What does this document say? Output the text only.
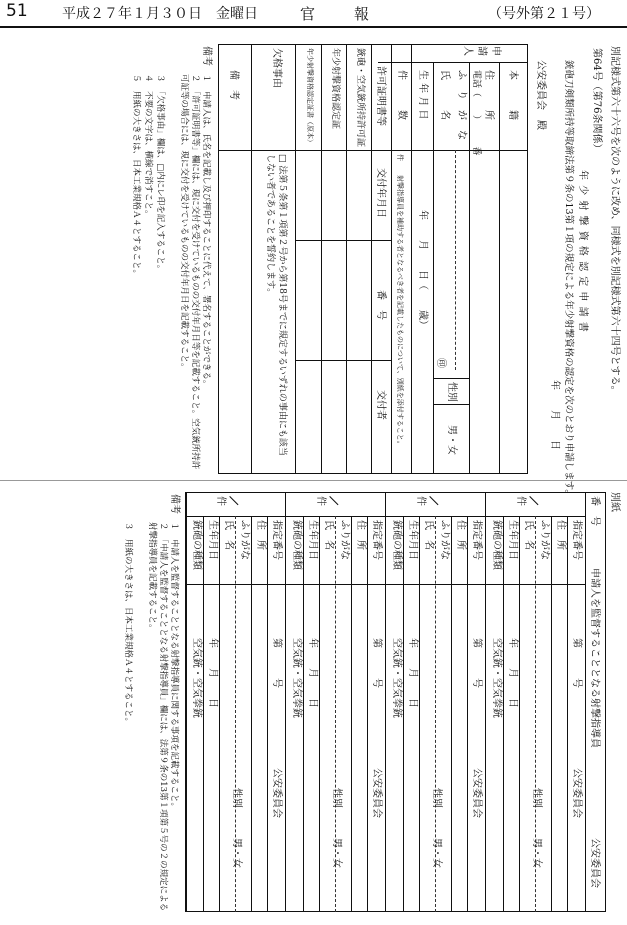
51 平成２７年１月３０日　金曜日	官　報	（号外第２１号）
別記様式第六十六号を次のように改め、同様式を別記様式第六十四号とする。
第64号（第76条関係）
年 少 射 撃 資 格 認 定 申 請 書
銃砲刀剣類所持等取締法第９条の13第１項の規定による年少射撃資格の認定を次のとおり申請します。
年　　月　　日
公安委員会　殿
申　請　人
本　　　籍
住　　　所
電話（　　）　　　番
ふ　り　が　な
氏　　　名
㊞
性別
男・女
生 年 月 日
年　　月　　日（　　歳）
件　　　数
件　　射撃指導員を補助する者となるべき者を記載したものについて、別紙を添付すること。
許可証明書等
交付年月日
番　号
交付者
銃砲・空気銃所持許可証
年少射撃資格認定証
年少射撃資格認定証書（原本）
欠格事由
□ 法第５条第１項第２号から第18号までに規定するいずれの事由にも該当しない者であることを誓約します。
備　考
備考
１　申請人は、氏名を記載し及び押印することに代えて、署名することができる。
２　「許可証明書等」欄には、現に交付を受けているものの交付年月日等を記載すること。空気銃所持許可証等の場合には、現に交付を受けているものの交付年月日を記載すること。
３　「欠格事由」欄は、□内にレ印を記入すること。
４　不要の文字は、横線で消すこと。
５　用紙の大きさは、日本工業規格Ａ４とすること。
別紙
番　号
申請人を監督することとなる射撃指導員
公安委員会
件
指定番号
第　　　号
住　所
ふりがな
氏　名
生年月日
年　　月　　日
銃砲の種類
空気銃・空気拳銃
性別
男・女
公安委員会
件
指定番号
第　　　号
住　所
ふりがな
氏　名
生年月日
年　　月　　日
銃砲の種類
空気銃・空気拳銃
性別
男・女
公安委員会
件
指定番号
第　　　号
住　所
ふりがな
氏　名
生年月日
年　　月　　日
銃砲の種類
空気銃・空気拳銃
性別
男・女
公安委員会
件
指定番号
第　　　号
住　所
ふりがな
氏　名
生年月日
年　　月　　日
銃砲の種類
空気銃・空気拳銃
性別
男・女
公安委員会
備考
１　申請人を監督することとなる射撃指導員に関する事項を記載すること。
２　「申請人を監督することとなる射撃指導員」欄には、法第９条の13第１項第５号の２の規定による射撃指導員を記載すること。
３　用紙の大きさは、日本工業規格Ａ４とすること。
